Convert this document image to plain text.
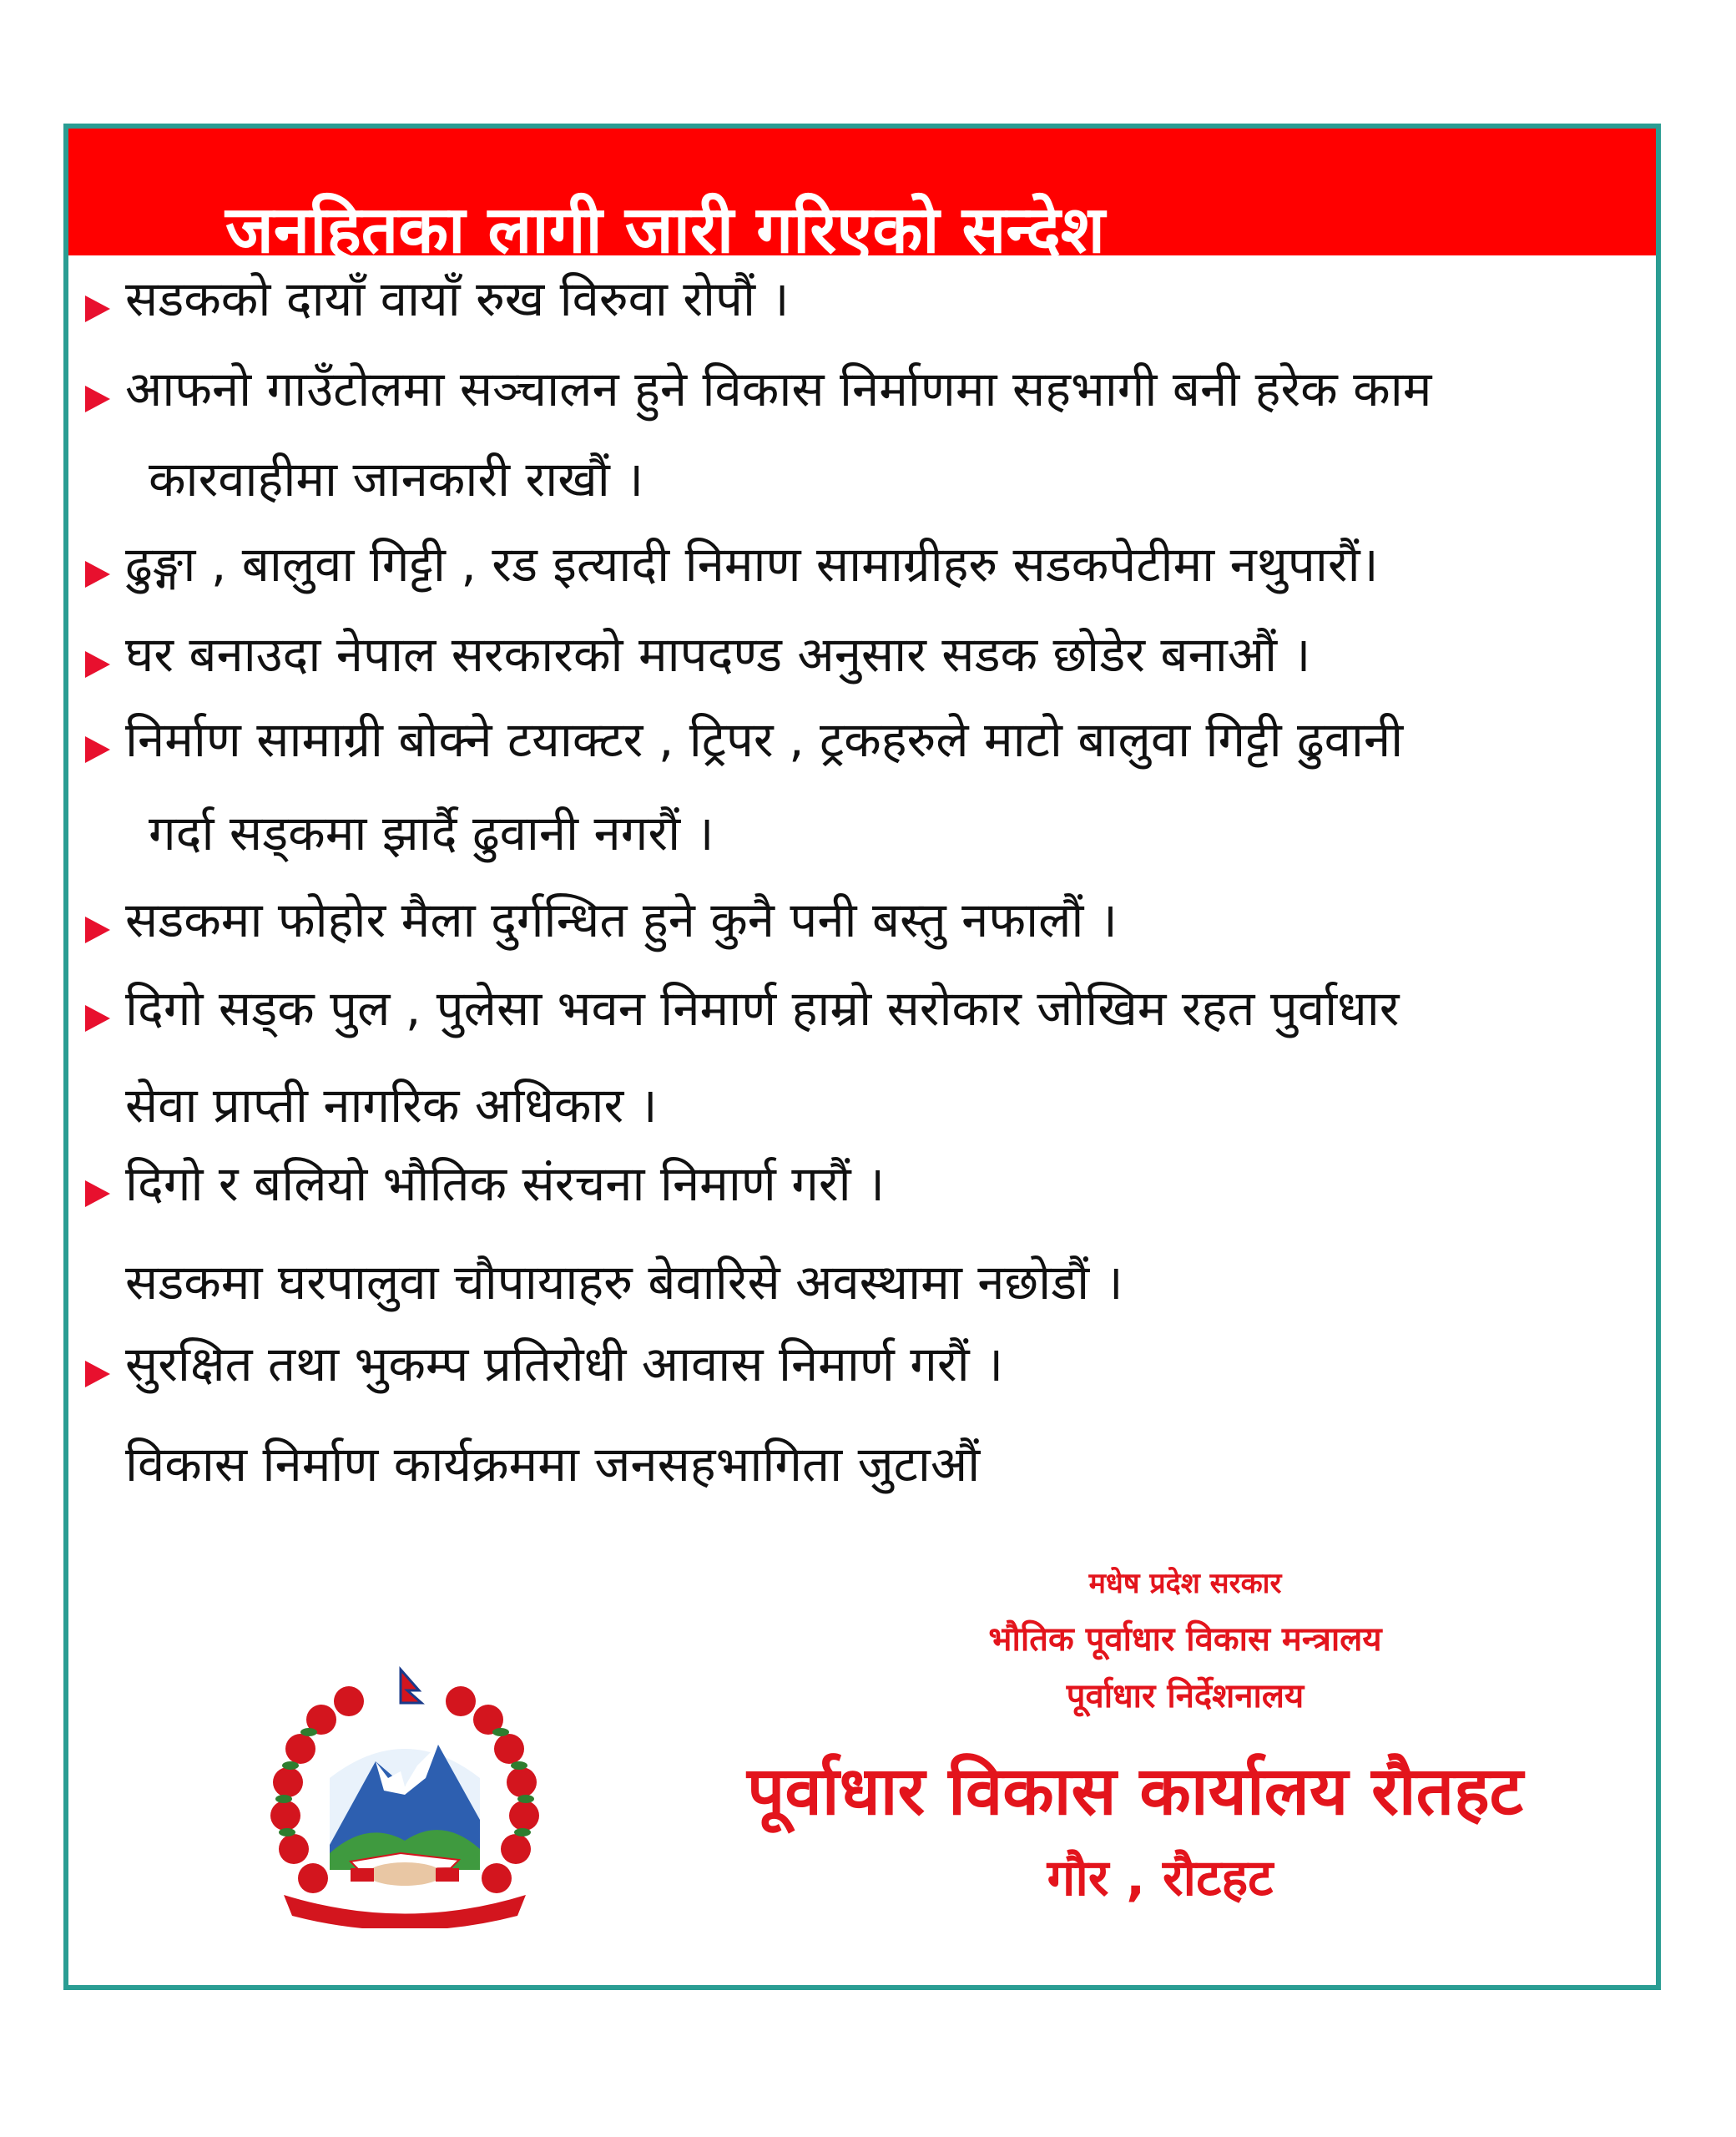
जनहितका लागी जारी गरिएको सन्देश
सडकको दायाँ वायाँ रुख विरुवा रोपौं ।
आफनो गाउँटोलमा सञ्चालन हुने विकास निर्माणमा सहभागी बनी हरेक काम
कारवाहीमा जानकारी राखौं ।
ढुङ्गा , बालुवा गिट्टी , रड इत्यादी निमाण सामाग्रीहरु सडकपेटीमा नथुपारौं।
घर बनाउदा नेपाल सरकारको मापदण्ड अनुसार सडक छोडेर बनाऔं ।
निर्माण सामाग्री बोक्ने टयाक्टर , ट्रिपर , ट्रकहरुले माटो बालुवा गिट्टी ढुवानी
गर्दा सड्कमा झार्दै ढुवानी नगरौं ।
सडकमा फोहोर मैला दुर्गन्धित हुने कुनै पनी बस्तु नफालौं ।
दिगो सड्क पुल , पुलेसा भवन निमार्ण हाम्रो सरोकार जोखिम रहत पुर्वाधार
सेवा प्राप्ती नागरिक अधिकार ।
दिगो र बलियो भौतिक संरचना निमार्ण गरौं ।
सडकमा घरपालुवा चौपायाहरु बेवारिसे अवस्थामा नछोडौं ।
सुरक्षित तथा भुकम्प प्रतिरोधी आवास निमार्ण गरौं ।
विकास निर्माण कार्यक्रममा जनसहभागिता जुटाऔं
मधेष प्रदेश सरकार
भौतिक पूर्वाधार विकास मन्त्रालय
पूर्वाधार निर्देशनालय
पूर्वाधार विकास कार्यालय रौतहट
गौर , रौटहट
